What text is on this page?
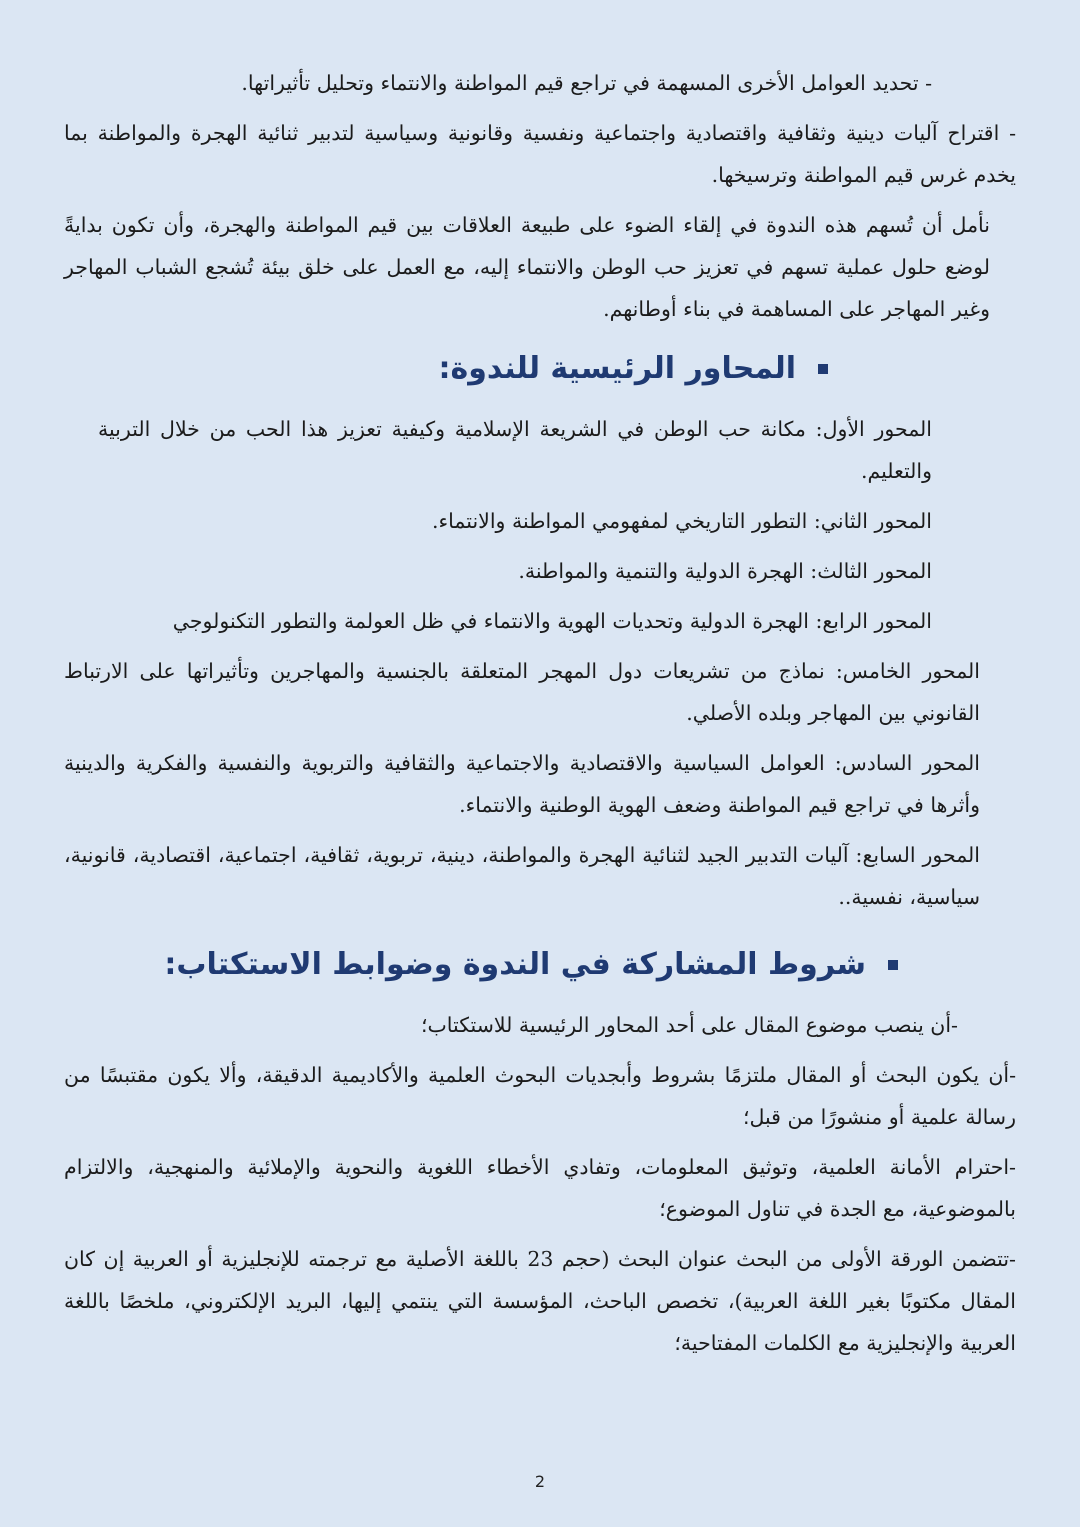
- تحديد العوامل الأخرى المسهمة في تراجع قيم المواطنة والانتماء وتحليل تأثيراتها.

- اقتراح آليات دينية وثقافية واقتصادية واجتماعية ونفسية وقانونية وسياسية لتدبير ثنائية الهجرة والمواطنة بما يخدم غرس قيم المواطنة وترسيخها.

نأمل أن تُسهم هذه الندوة في إلقاء الضوء على طبيعة العلاقات بين قيم المواطنة والهجرة، وأن تكون بدايةً لوضع حلول عملية تسهم في تعزيز حب الوطن والانتماء إليه، مع العمل على خلق بيئة تُشجع الشباب المهاجر وغير المهاجر على المساهمة في بناء أوطانهم.

المحاور الرئيسية للندوة:

المحور الأول: مكانة حب الوطن في الشريعة الإسلامية وكيفية تعزيز هذا الحب من خلال التربية والتعليم.

المحور الثاني: التطور التاريخي لمفهومي المواطنة والانتماء.

المحور الثالث: الهجرة الدولية والتنمية والمواطنة.

المحور الرابع: الهجرة الدولية وتحديات الهوية والانتماء في ظل العولمة والتطور التكنولوجي

المحور الخامس: نماذج من تشريعات دول المهجر المتعلقة بالجنسية والمهاجرين وتأثيراتها على الارتباط القانوني بين المهاجر وبلده الأصلي.

المحور السادس: العوامل السياسية والاقتصادية والاجتماعية والثقافية والتربوية والنفسية والفكرية والدينية وأثرها في تراجع قيم المواطنة وضعف الهوية الوطنية والانتماء.

المحور السابع: آليات التدبير الجيد لثنائية الهجرة والمواطنة، دينية، تربوية، ثقافية، اجتماعية، اقتصادية، قانونية، سياسية، نفسية..

شروط المشاركة في الندوة وضوابط الاستكتاب:

-أن ينصب موضوع المقال على أحد المحاور الرئيسية للاستكتاب؛

-أن يكون البحث أو المقال ملتزمًا بشروط وأبجديات البحوث العلمية والأكاديمية الدقيقة، وألا يكون مقتبسًا من رسالة علمية أو منشورًا من قبل؛

-احترام الأمانة العلمية، وتوثيق المعلومات، وتفادي الأخطاء اللغوية والنحوية والإملائية والمنهجية، والالتزام بالموضوعية، مع الجدة في تناول الموضوع؛

-تتضمن الورقة الأولى من البحث عنوان البحث (حجم 23 باللغة الأصلية مع ترجمته للإنجليزية أو العربية إن كان المقال مكتوبًا بغير اللغة العربية)، تخصص الباحث، المؤسسة التي ينتمي إليها، البريد الإلكتروني، ملخصًا باللغة العربية والإنجليزية مع الكلمات المفتاحية؛

2
